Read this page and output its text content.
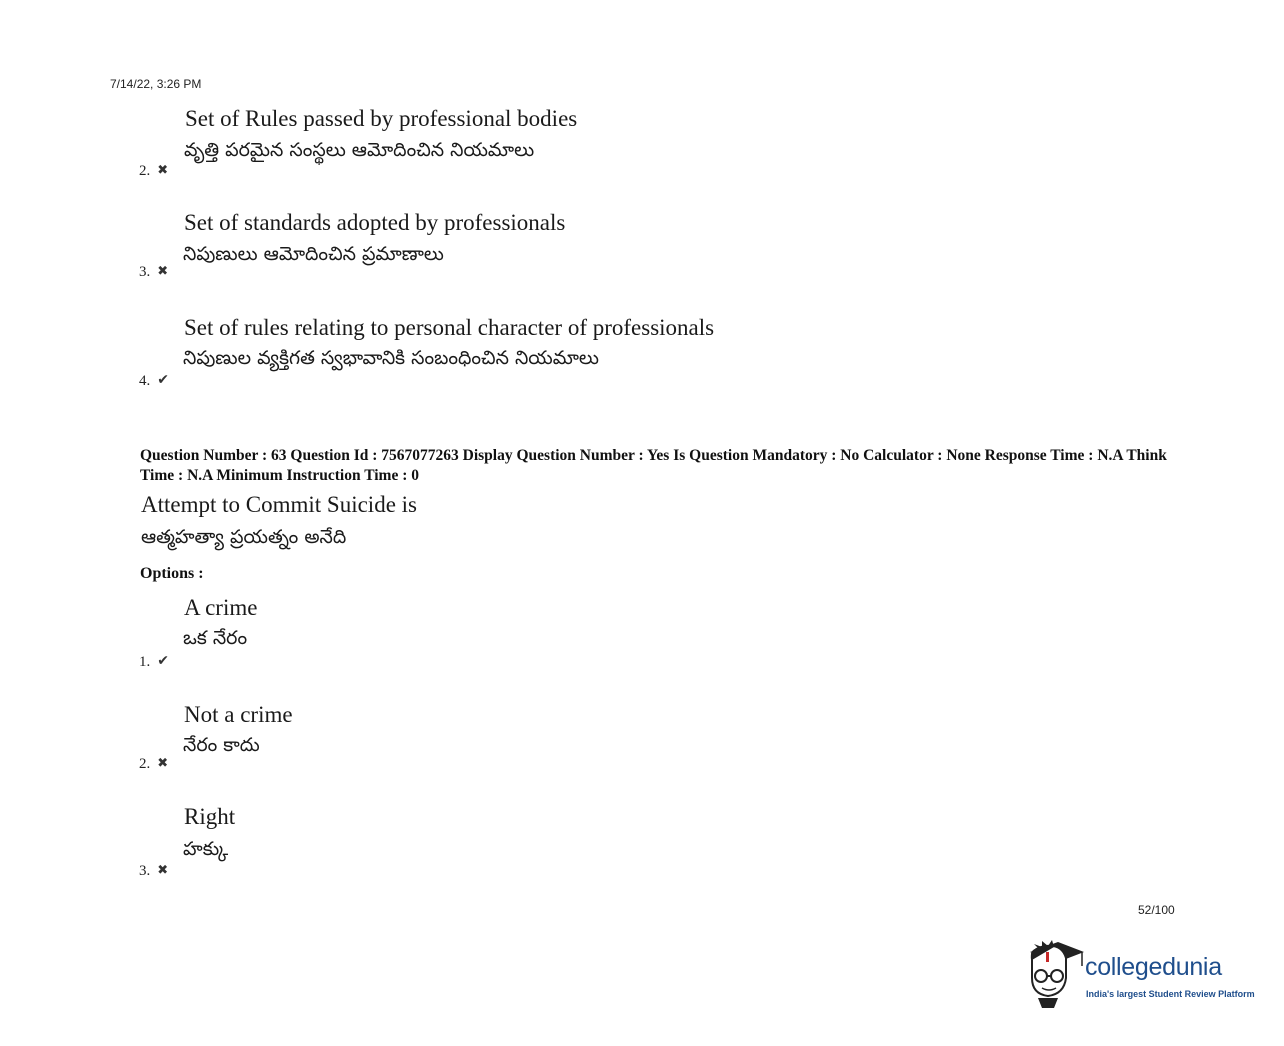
7/14/22, 3:26 PM
Set of Rules passed by professional bodies
వృత్తి పరమైన సంస్థలు ఆమోదించిన నియమాలు
2. ✖
Set of standards adopted by professionals
నిపుణులు ఆమోదించిన ప్రమాణాలు
3. ✖
Set of rules relating to personal character of professionals
నిపుణుల వ్యక్తిగత స్వభావానికి సంబంధించిన నియమాలు
4. ✔
Question Number : 63 Question Id : 7567077263 Display Question Number : Yes Is Question Mandatory : No Calculator : None Response Time : N.A Think Time : N.A Minimum Instruction Time : 0
Attempt to Commit Suicide is
ఆత్మహత్యా ప్రయత్నం అనేది
Options :
A crime
ఒక నేరం
1. ✔
Not a crime
నేరం కాదు
2. ✖
Right
హక్కు
3. ✖
52/100
collegedunia
India's largest Student Review Platform
